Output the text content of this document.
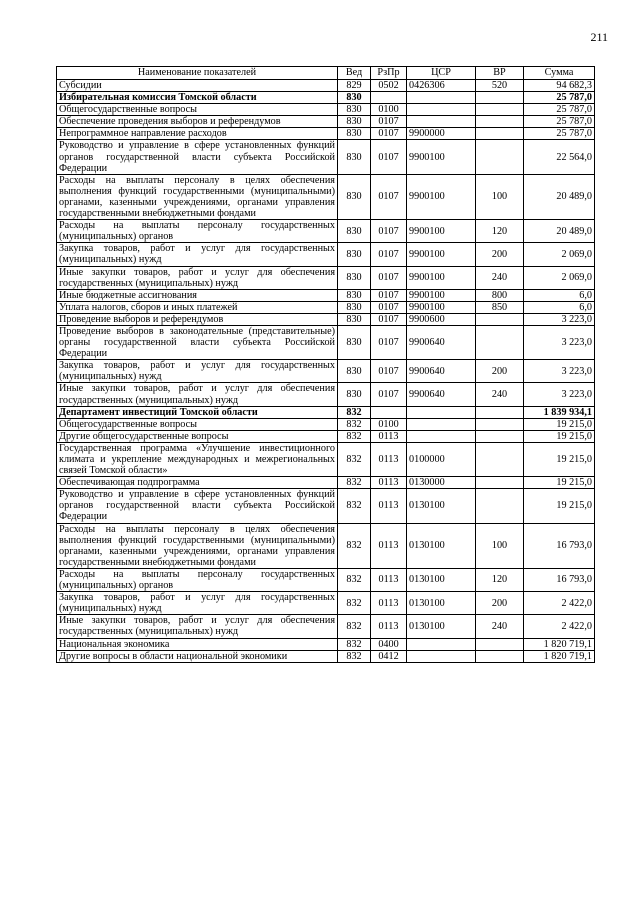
211
Наименование показателей	Вед	РзПр	ЦСР	ВР	Сумма
Субсидии	829	0502	0426306	520	94 682,3
Избирательная комиссия Томской области	830				25 787,0
Общегосударственные вопросы	830	0100			25 787,0
Обеспечение проведения выборов и референдумов	830	0107			25 787,0
Непрограммное направление расходов	830	0107	9900000		25 787,0
Руководство и управление в сфере установленных функций органов государственной власти субъекта Российской Федерации	830	0107	9900100		22 564,0
Расходы на выплаты персоналу в целях обеспечения выполнения функций государственными (муниципальными) органами, казенными учреждениями, органами управления государственными внебюджетными фондами	830	0107	9900100	100	20 489,0
Расходы на выплаты персоналу государственных (муниципальных) органов	830	0107	9900100	120	20 489,0
Закупка товаров, работ и услуг для государственных (муниципальных) нужд	830	0107	9900100	200	2 069,0
Иные закупки товаров, работ и услуг для обеспечения государственных (муниципальных) нужд	830	0107	9900100	240	2 069,0
Иные бюджетные ассигнования	830	0107	9900100	800	6,0
Уплата налогов, сборов и иных платежей	830	0107	9900100	850	6,0
Проведение выборов и референдумов	830	0107	9900600		3 223,0
Проведение выборов в законодательные (представительные) органы государственной власти субъекта Российской Федерации	830	0107	9900640		3 223,0
Закупка товаров, работ и услуг для государственных (муниципальных) нужд	830	0107	9900640	200	3 223,0
Иные закупки товаров, работ и услуг для обеспечения государственных (муниципальных) нужд	830	0107	9900640	240	3 223,0
Департамент инвестиций Томской области	832				1 839 934,1
Общегосударственные вопросы	832	0100			19 215,0
Другие общегосударственные вопросы	832	0113			19 215,0
Государственная программа «Улучшение инвестиционного климата и укрепление международных и межрегиональных связей Томской области»	832	0113	0100000		19 215,0
Обеспечивающая подпрограмма	832	0113	0130000		19 215,0
Руководство и управление в сфере установленных функций органов государственной власти субъекта Российской Федерации	832	0113	0130100		19 215,0
Расходы на выплаты персоналу в целях обеспечения выполнения функций государственными (муниципальными) органами, казенными учреждениями, органами управления государственными внебюджетными фондами	832	0113	0130100	100	16 793,0
Расходы на выплаты персоналу государственных (муниципальных) органов	832	0113	0130100	120	16 793,0
Закупка товаров, работ и услуг для государственных (муниципальных) нужд	832	0113	0130100	200	2 422,0
Иные закупки товаров, работ и услуг для обеспечения государственных (муниципальных) нужд	832	0113	0130100	240	2 422,0
Национальная экономика	832	0400			1 820 719,1
Другие вопросы в области национальной экономики	832	0412			1 820 719,1
